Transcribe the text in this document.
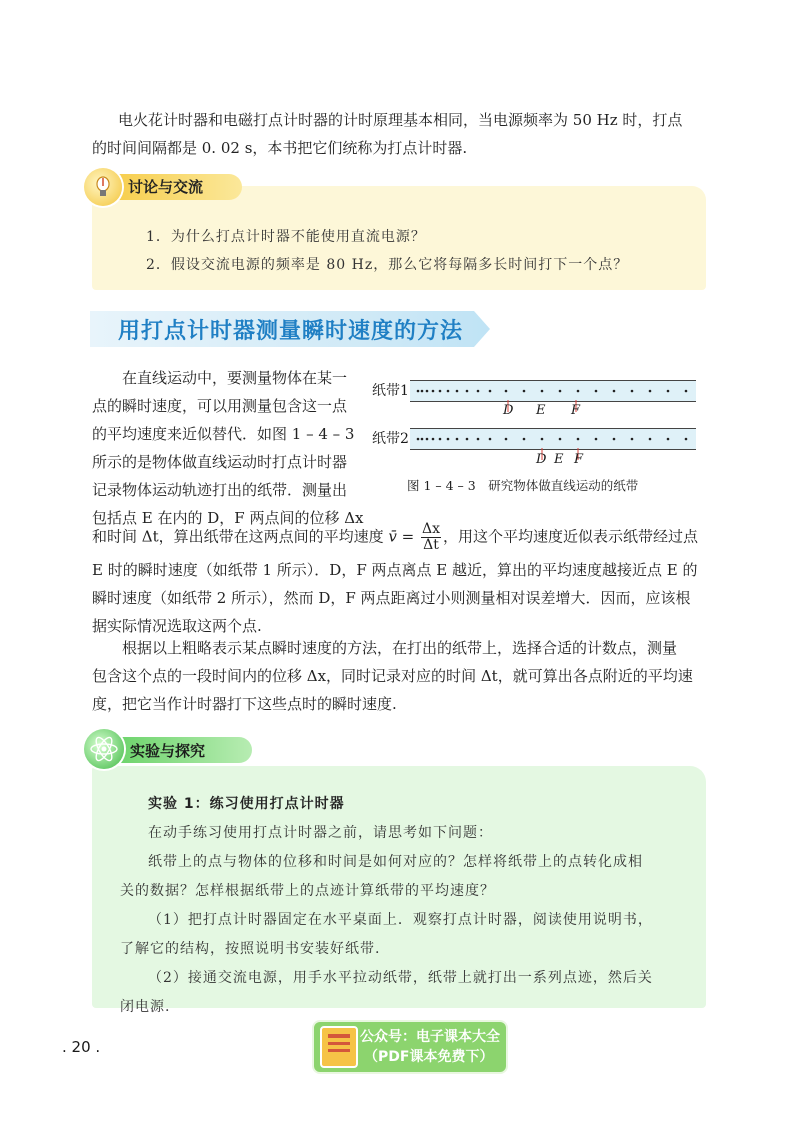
电火花计时器和电磁打点计时器的计时原理基本相同，当电源频率为 50 Hz 时，打点

的时间间隔都是 0. 02 s，本书把它们统称为打点计时器.

讨论与交流
1．为什么打点计时器不能使用直流电源？
2．假设交流电源的频率是 80 Hz，那么它将每隔多长时间打下一个点？
用打点计时器测量瞬时速度的方法

在直线运动中，要测量物体在某一

点的瞬时速度，可以用测量包含这一点

的平均速度来近似替代．如图 1 – 4 – 3

所示的是物体做直线运动时打点计时器

记录物体运动轨迹打出的纸带．测量出

包括点 E 在内的 D，F 两点间的位移 Δx

和时间 Δt，算出纸带在这两点间的平均速度 v̄ = $\frac{\Delta x}{\Delta t}$ ，用这个平均速度近似表示纸带经过点

E 时的瞬时速度（如纸带 1 所示）．D，F 两点离点 E 越近，算出的平均速度越接近点 E 的

瞬时速度（如纸带 2 所示），然而 D，F 两点距离过小则测量相对误差增大．因而，应该根

据实际情况选取这两个点.

根据以上粗略表示某点瞬时速度的方法，在打出的纸带上，选择合适的计数点，测量

包含这个点的一段时间内的位移 Δx，同时记录对应的时间 Δt，就可算出各点附近的平均速

度，把它当作计时器打下这些点时的瞬时速度.

纸带1
D E F
纸带2
D E F
图 1 – 4 – 3　研究物体做直线运动的纸带
实验与探究
实验 1：练习使用打点计时器
在动手练习使用打点计时器之前，请思考如下问题：
纸带上的点与物体的位移和时间是如何对应的？怎样将纸带上的点转化成相
关的数据？怎样根据纸带上的点迹计算纸带的平均速度？
（1）把打点计时器固定在水平桌面上．观察打点计时器，阅读使用说明书，
了解它的结构，按照说明书安装好纸带.
（2）接通交流电源，用手水平拉动纸带，纸带上就打出一系列点迹，然后关
闭电源.
. 20 .
公众号：电子课本大全
（PDF课本免费下）
